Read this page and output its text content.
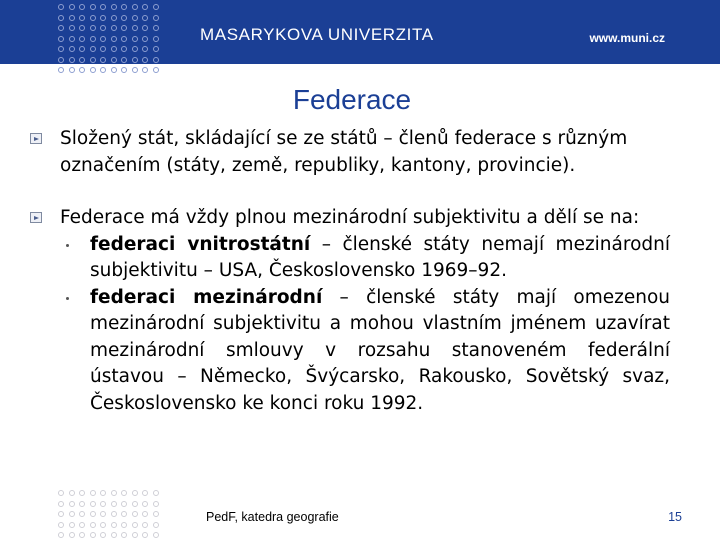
MASARYKOVA UNIVERZITA	www.muni.cz
Federace

Složený stát, skládající se ze států – členů federace s různým označením (státy, země, republiky, kantony, provincie).

Federace má vždy plnou mezinárodní subjektivitu a dělí se na:

federaci vnitrostátní – členské státy nemají mezinárodní subjektivitu – USA, Československo 1969–92.

federaci mezinárodní – členské státy mají omezenou mezinárodní subjektivitu a mohou vlastním jménem uzavírat mezinárodní smlouvy v rozsahu stanoveném federální ústavou – Německo, Švýcarsko, Rakousko, Sovětský svaz, Československo ke konci roku 1992.

PedF, katedra geografie	15
